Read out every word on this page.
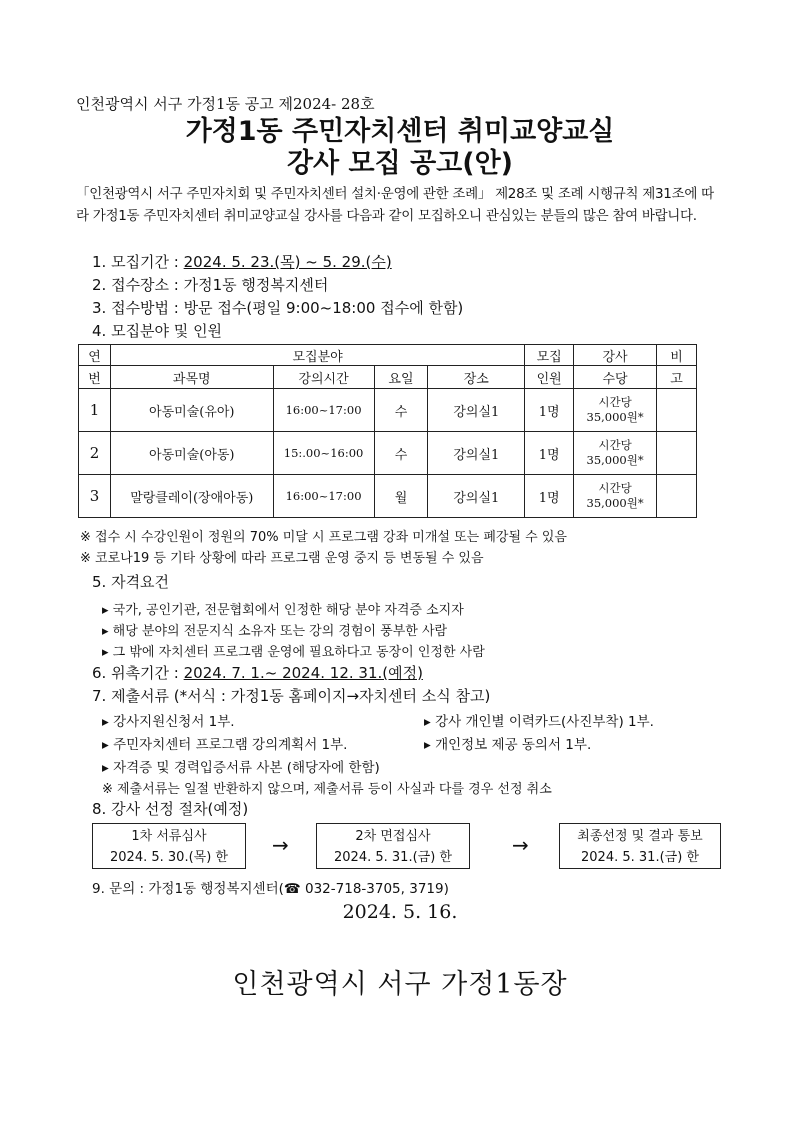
인천광역시 서구 가정1동 공고 제2024- 28호
가정1동 주민자치센터 취미교양교실
강사 모집 공고(안)
「인천광역시 서구 주민자치회 및 주민자치센터 설치·운영에 관한 조례」 제28조 및 조례 시행규칙 제31조에 따라 가정1동 주민자치센터 취미교양교실 강사를 다음과 같이 모집하오니 관심있는 분들의 많은 참여 바랍니다.
1. 모집기간 : 2024. 5. 23.(목) ~ 5. 29.(수)
2. 접수장소 : 가정1동 행정복지센터
3. 접수방법 : 방문 접수(평일 9:00~18:00 접수에 한함)
4. 모집분야 및 인원
연	모집분야				모집	강사	비
번	과목명	강의시간	요일	장소	인원	수당	고
1	아동미술(유아)	16:00~17:00	수	강의실1	1명	시간당
35,000원*	

2	아동미술(아동)	15:.00~16:00	수	강의실1	1명	시간당
35,000원*	

3	말랑클레이(장애아동)	16:00~17:00	월	강의실1	1명	시간당
35,000원*	

※ 접수 시 수강인원이 정원의 70% 미달 시 프로그램 강좌 미개설 또는 폐강될 수 있음
※ 코로나19 등 기타 상황에 따라 프로그램 운영 중지 등 변동될 수 있음
5. 자격요건
▸ 국가, 공인기관, 전문협회에서 인정한 해당 분야 자격증 소지자
▸ 해당 분야의 전문지식 소유자 또는 강의 경험이 풍부한 사람
▸ 그 밖에 자치센터 프로그램 운영에 필요하다고 동장이 인정한 사람
6. 위촉기간 : 2024. 7. 1.~ 2024. 12. 31.(예정)
7. 제출서류 (*서식 : 가정1동 홈페이지→자치센터 소식 참고)
▸ 강사지원신청서 1부.	▸ 강사 개인별 이력카드(사진부착) 1부.
▸ 주민자치센터 프로그램 강의계획서 1부.	▸ 개인정보 제공 동의서 1부.
▸ 자격증 및 경력입증서류 사본 (해당자에 한함)
※ 제출서류는 일절 반환하지 않으며, 제출서류 등이 사실과 다를 경우 선정 취소
8. 강사 선정 절차(예정)
1차 서류심사
2024. 5. 30.(목) 한
→	2차 면접심사
2024. 5. 31.(금) 한
→	최종선정 및 결과 통보
2024. 5. 31.(금) 한
9. 문의 : 가정1동 행정복지센터(☎ 032-718-3705, 3719)
2024. 5. 16.
인천광역시 서구 가정1동장
